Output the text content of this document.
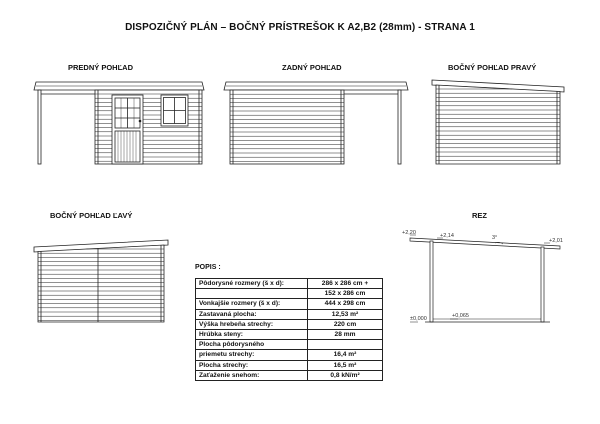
DISPOZIČNÝ PLÁN – BOČNÝ PRÍSTREŠOK K A2,B2 (28mm) - STRANA 1
PREDNÝ POHĽAD	ZADNÝ POHĽAD	BOČNÝ POHĽAD PRAVÝ
BOČNÝ POHĽAD ĽAVÝ	REZ
+2,20	+2,14	3°	+2,01
±0,000	+0,065
POPIS :
Pôdorysné rozmery (š x d):	286 x 286 cm +
	152 x 286 cm
Vonkajšie rozmery (š x d):	444 x 298 cm
Zastavaná plocha:	12,53 m²
Výška hrebeňa strechy:	220 cm
Hrúbka steny:	28 mm
Plocha pôdorysného	
priemetu strechy:	16,4 m²
Plocha strechy:	16,5 m²
Zaťaženie snehom:	0,8 kN/m²
